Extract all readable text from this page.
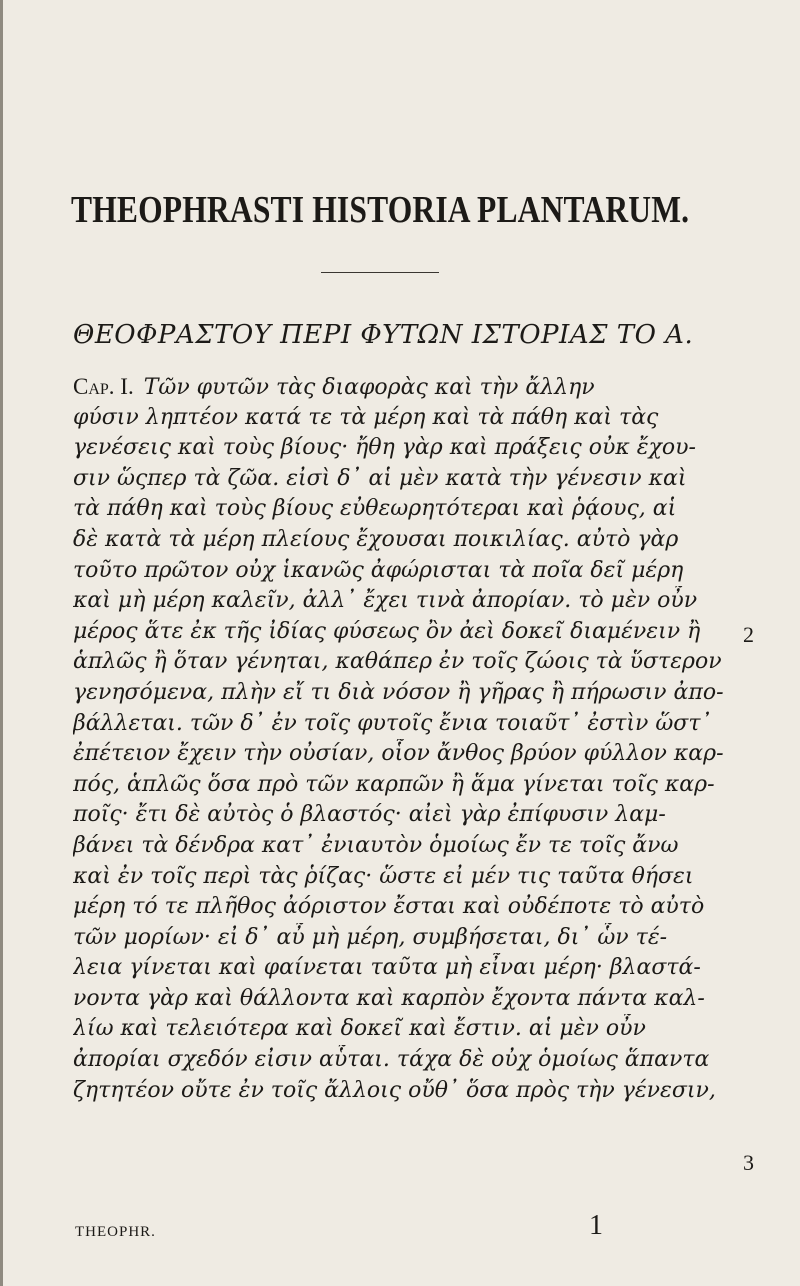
THEOPHRASTI HISTORIA PLANTARUM.
ΘΕΟΦΡΑΣΤΟΥ ΠΕΡΙ ΦΥΤΩΝ ΙΣΤΟΡΙΑΣ ΤΟ Α.
Cap. I. Τῶν φυτῶν τὰς διαφορὰς καὶ τὴν ἄλλην
φύσιν ληπτέον κατά τε τὰ μέρη καὶ τὰ πάθη καὶ τὰς
γενέσεις καὶ τοὺς βίους· ἤθη γὰρ καὶ πράξεις οὐκ ἔχου-
σιν ὥςπερ τὰ ζῶα. εἰσὶ δ᾿ αἱ μὲν κατὰ τὴν γένεσιν καὶ
τὰ πάθη καὶ τοὺς βίους εὐθεωρητότεραι καὶ ῥᾴους, αἱ
δὲ κατὰ τὰ μέρη πλείους ἔχουσαι ποικιλίας. αὐτὸ γὰρ
τοῦτο πρῶτον οὐχ ἱκανῶς ἀφώρισται τὰ ποῖα δεῖ μέρη
καὶ μὴ μέρη καλεῖν, ἀλλ᾿ ἔχει τινὰ ἀπορίαν. τὸ μὲν οὖν
μέρος ἅτε ἐκ τῆς ἰδίας φύσεως ὂν ἀεὶ δοκεῖ διαμένειν ἢ
ἁπλῶς ἢ ὅταν γένηται, καθάπερ ἐν τοῖς ζώοις τὰ ὕστερον
γενησόμενα, πλὴν εἴ τι διὰ νόσον ἢ γῆρας ἢ πήρωσιν ἀπο-
βάλλεται. τῶν δ᾿ ἐν τοῖς φυτοῖς ἔνια τοιαῦτ᾿ ἐστὶν ὥστ᾿
ἐπέτειον ἔχειν τὴν οὐσίαν, οἷον ἄνθος βρύον φύλλον καρ-
πός, ἁπλῶς ὅσα πρὸ τῶν καρπῶν ἢ ἅμα γίνεται τοῖς καρ-
ποῖς· ἔτι δὲ αὐτὸς ὁ βλαστός· αἰεὶ γὰρ ἐπίφυσιν λαμ-
βάνει τὰ δένδρα κατ᾿ ἐνιαυτὸν ὁμοίως ἔν τε τοῖς ἄνω
καὶ ἐν τοῖς περὶ τὰς ῥίζας· ὥστε εἰ μέν τις ταῦτα θήσει
μέρη τό τε πλῆθος ἀόριστον ἔσται καὶ οὐδέποτε τὸ αὐτὸ
τῶν μορίων· εἰ δ᾿ αὖ μὴ μέρη, συμβήσεται, δι᾿ ὧν τέ-
λεια γίνεται καὶ φαίνεται ταῦτα μὴ εἶναι μέρη· βλαστά-
νοντα γὰρ καὶ θάλλοντα καὶ καρπὸν ἔχοντα πάντα καλ-
λίω καὶ τελειότερα καὶ δοκεῖ καὶ ἔστιν. αἱ μὲν οὖν
ἀπορίαι σχεδόν εἰσιν αὗται. τάχα δὲ οὐχ ὁμοίως ἅπαντα
ζητητέον οὔτε ἐν τοῖς ἄλλοις οὔθ᾿ ὅσα πρὸς τὴν γένεσιν,
2
3
THEOPHR.	1
